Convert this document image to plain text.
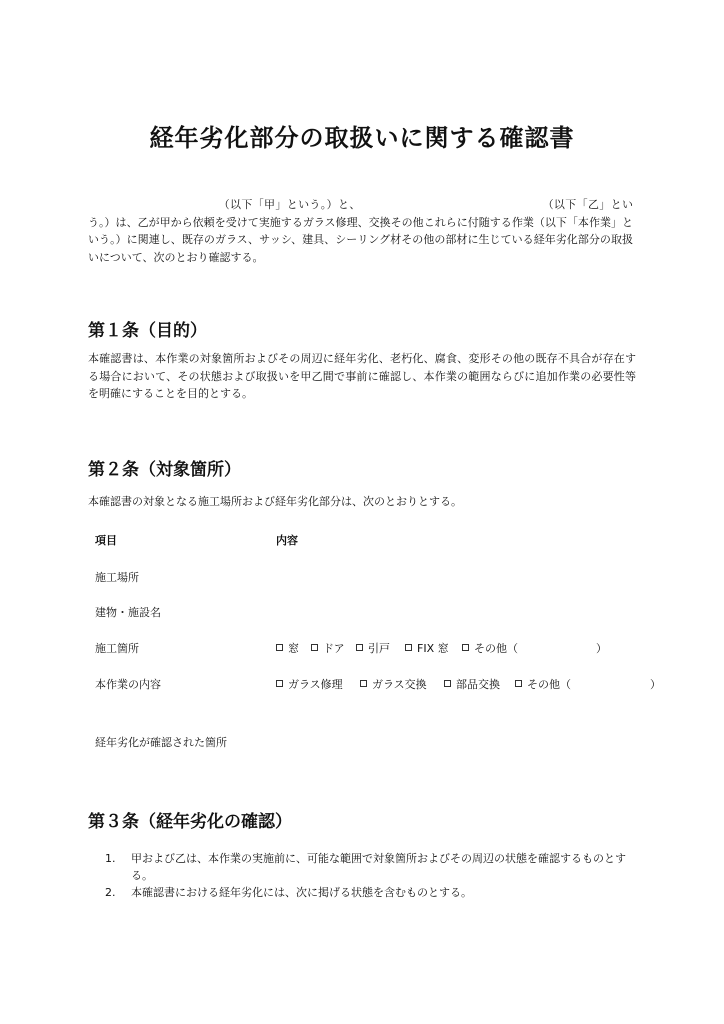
経年劣化部分の取扱いに関する確認書
　　　　　　　　　　　　（以下「甲」という。）と、　　　　　　　　　　　　　　　　　（以下「乙」という。）は、乙が甲から依頼を受けて実施するガラス修理、交換その他これらに付随する作業（以下「本作業」という。）に関連し、既存のガラス、サッシ、建具、シーリング材その他の部材に生じている経年劣化部分の取扱いについて、次のとおり確認する。
第１条（目的）
本確認書は、本作業の対象箇所およびその周辺に経年劣化、老朽化、腐食、変形その他の既存不具合が存在する場合において、その状態および取扱いを甲乙間で事前に確認し、本作業の範囲ならびに追加作業の必要性等を明確にすることを目的とする。
第２条（対象箇所）
本確認書の対象となる施工場所および経年劣化部分は、次のとおりとする。
項目	内容
施工場所
建物・施設名
施工箇所	窓	ドア	引戸	FIX 窓	その他（	）
本作業の内容	ガラス修理	ガラス交換	部品交換	その他（	）
経年劣化が確認された箇所
第３条（経年劣化の確認）
1. 甲および乙は、本作業の実施前に、可能な範囲で対象箇所およびその周辺の状態を確認するものとする。
2. 本確認書における経年劣化には、次に掲げる状態を含むものとする。
